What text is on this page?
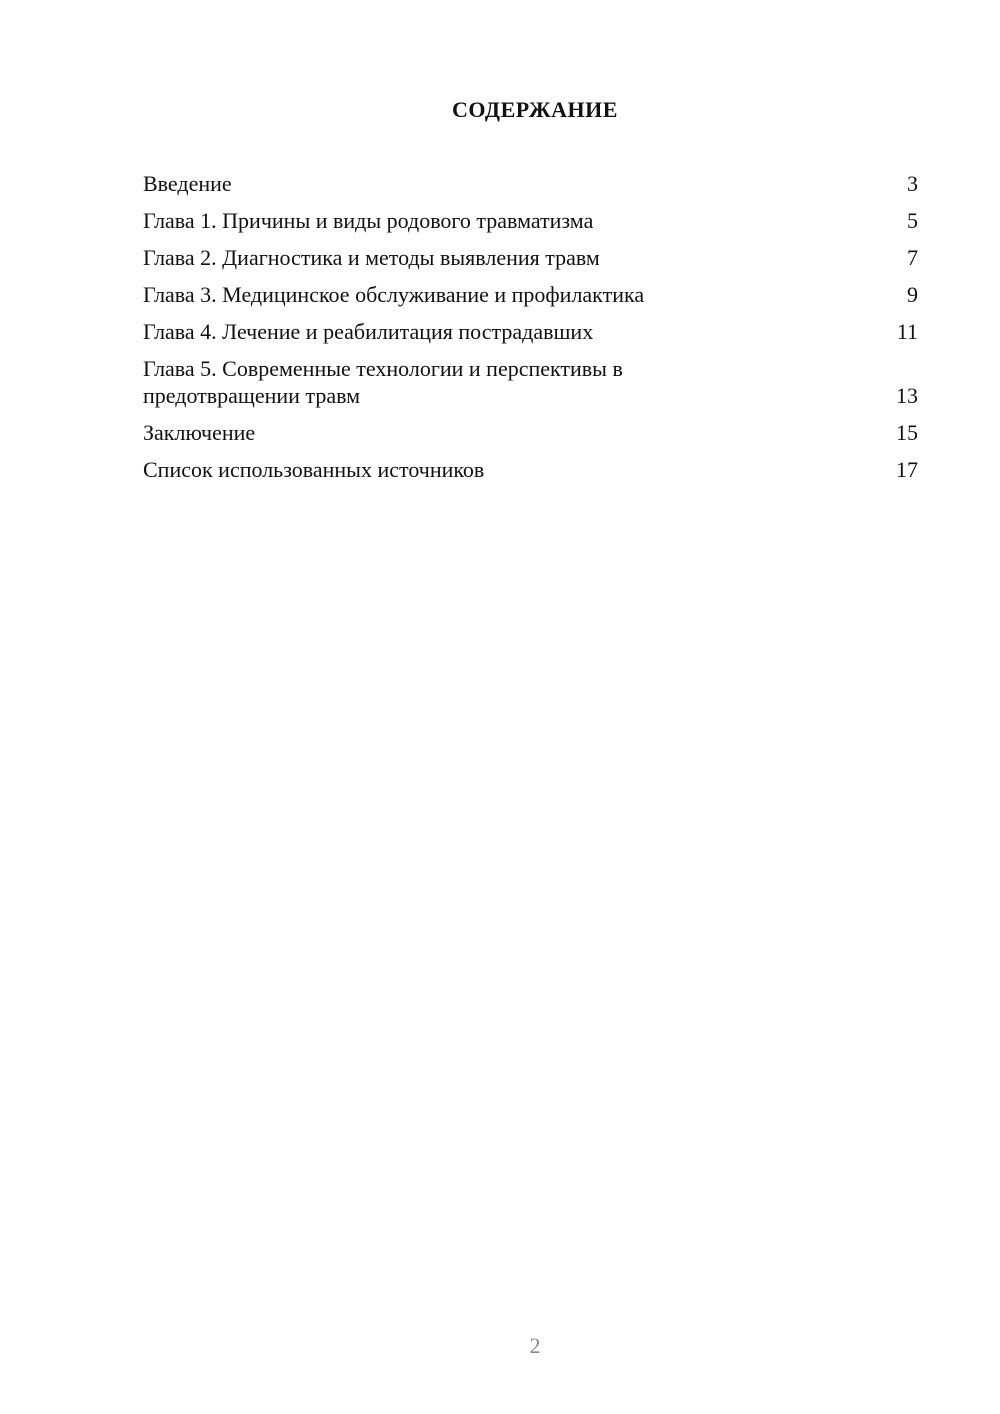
СОДЕРЖАНИЕ
Введение	3
Глава 1. Причины и виды родового травматизма	5
Глава 2. Диагностика и методы выявления травм	7
Глава 3. Медицинское обслуживание и профилактика	9
Глава 4. Лечение и реабилитация пострадавших	11
Глава 5. Современные технологии и перспективы в предотвращении травм	13
Заключение	15
Список использованных источников	17
2
